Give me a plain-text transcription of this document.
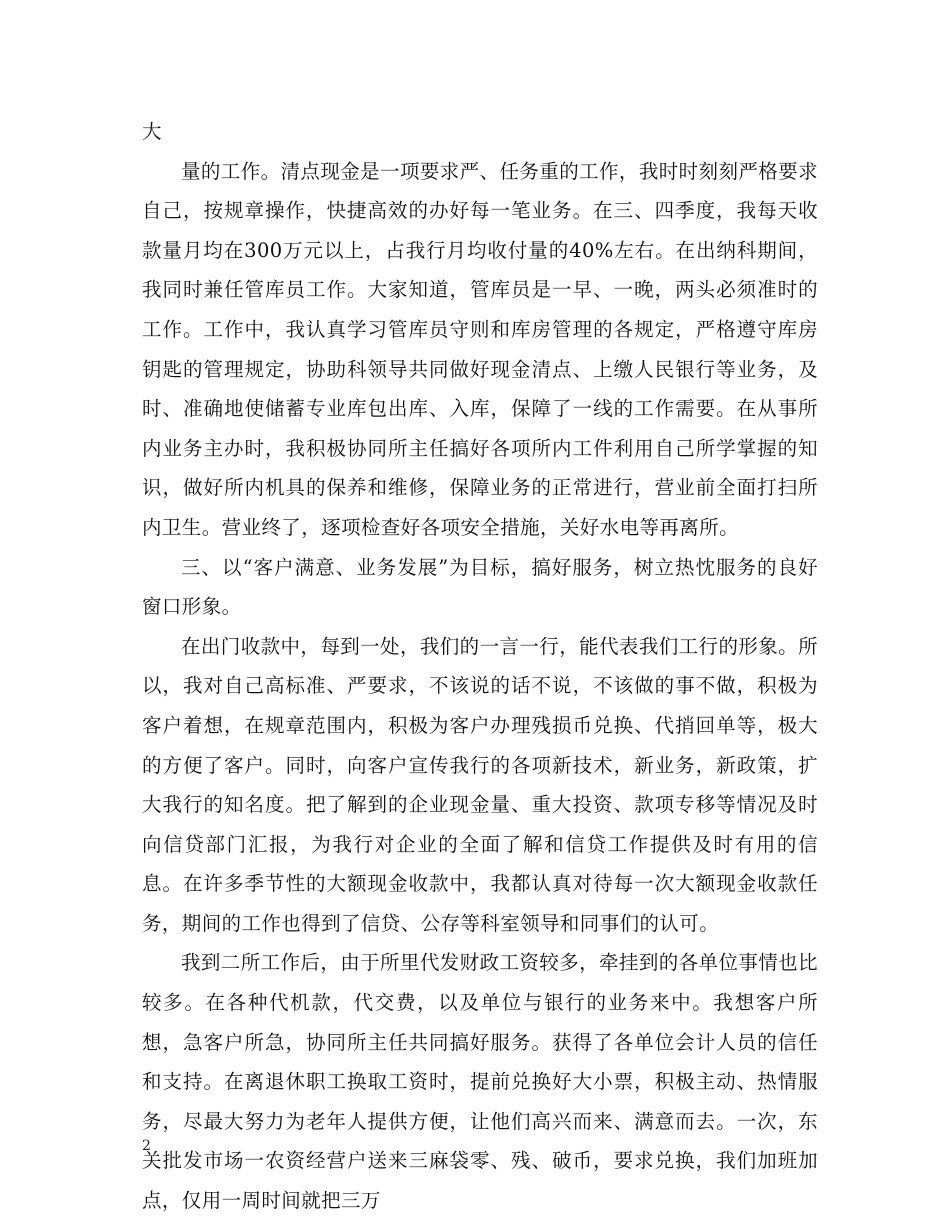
大

量的工作。清点现金是一项要求严、任务重的工作，我时时刻刻严格要求自己，按规章操作，快捷高效的办好每一笔业务。在三、四季度，我每天收款量月均在300万元以上，占我行月均收付量的40%左右。在出纳科期间，我同时兼任管库员工作。大家知道，管库员是一早、一晚，两头必须准时的工作。工作中，我认真学习管库员守则和库房管理的各规定，严格遵守库房钥匙的管理规定，协助科领导共同做好现金清点、上缴人民银行等业务，及时、准确地使储蓄专业库包出库、入库，保障了一线的工作需要。在从事所内业务主办时，我积极协同所主任搞好各项所内工件利用自己所学掌握的知识，做好所内机具的保养和维修，保障业务的正常进行，营业前全面打扫所内卫生。营业终了，逐项检查好各项安全措施，关好水电等再离所。

三、以“客户满意、业务发展”为目标，搞好服务，树立热忱服务的良好窗口形象。

在出门收款中，每到一处，我们的一言一行，能代表我们工行的形象。所以，我对自己高标准、严要求，不该说的话不说，不该做的事不做，积极为客户着想，在规章范围内，积极为客户办理残损币兑换、代捎回单等，极大的方便了客户。同时，向客户宣传我行的各项新技术，新业务，新政策，扩大我行的知名度。把了解到的企业现金量、重大投资、款项专移等情况及时向信贷部门汇报，为我行对企业的全面了解和信贷工作提供及时有用的信息。在许多季节性的大额现金收款中，我都认真对待每一次大额现金收款任务，期间的工作也得到了信贷、公存等科室领导和同事们的认可。

我到二所工作后，由于所里代发财政工资较多，牵挂到的各单位事情也比较多。在各种代机款，代交费，以及单位与银行的业务来中。我想客户所想，急客户所急，协同所主任共同搞好服务。获得了各单位会计人员的信任和支持。在离退休职工换取工资时，提前兑换好大小票，积极主动、热情服务，尽最大努力为老年人提供方便，让他们高兴而来、满意而去。一次，东关批发市场一农资经营户送来三麻袋零、残、破币，要求兑换，我们加班加点，仅用一周时间就把三万

2
